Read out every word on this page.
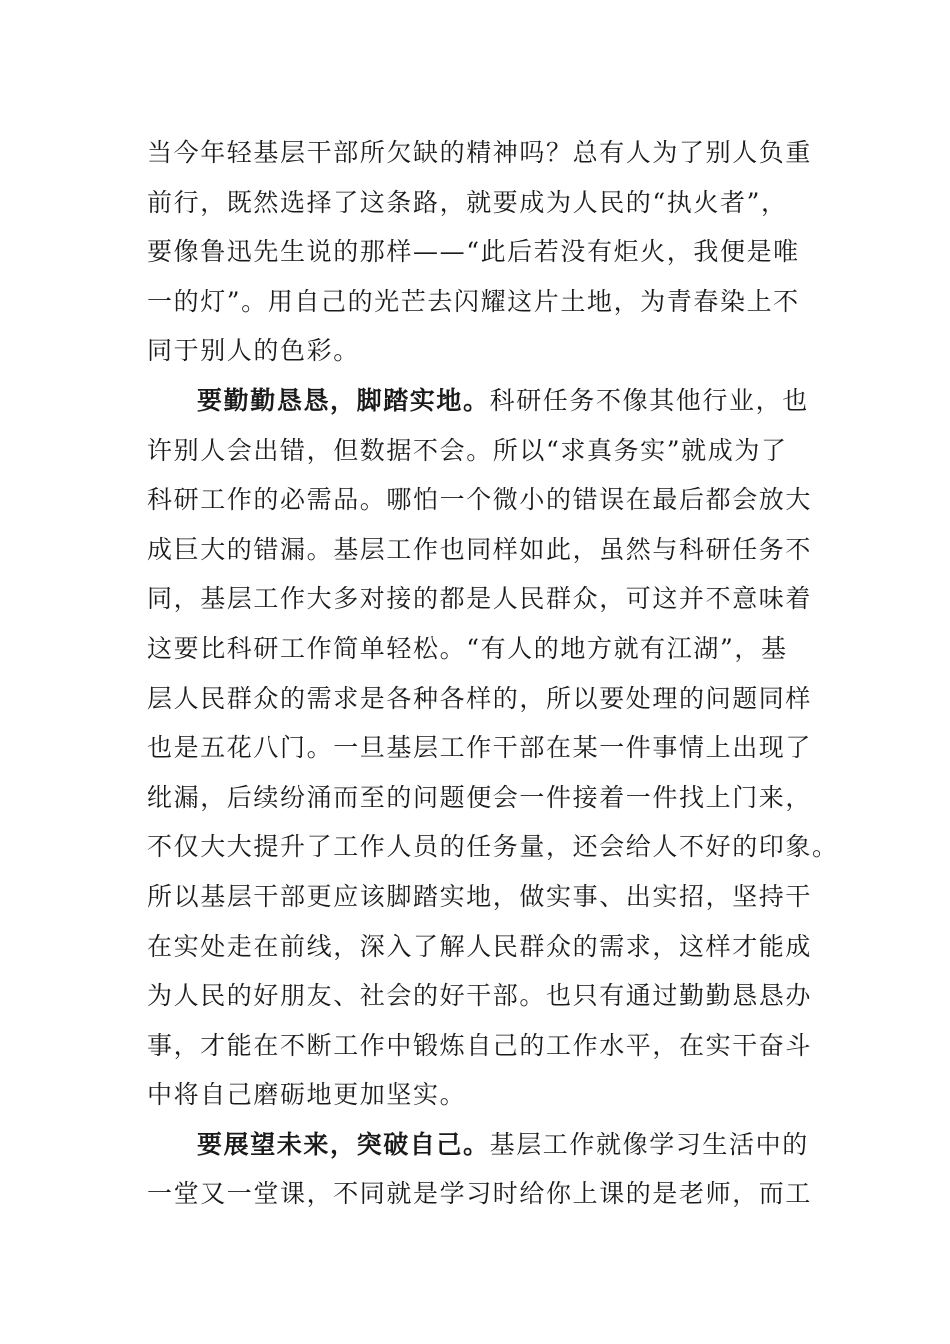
当今年轻基层干部所欠缺的精神吗？总有人为了别人负重
前行，既然选择了这条路，就要成为人民的“执火者”，
要像鲁迅先生说的那样——“此后若没有炬火，我便是唯
一的灯”。用自己的光芒去闪耀这片土地，为青春染上不
同于别人的色彩。
要勤勤恳恳，脚踏实地。科研任务不像其他行业，也
许别人会出错，但数据不会。所以“求真务实”就成为了
科研工作的必需品。哪怕一个微小的错误在最后都会放大
成巨大的错漏。基层工作也同样如此，虽然与科研任务不
同，基层工作大多对接的都是人民群众，可这并不意味着
这要比科研工作简单轻松。“有人的地方就有江湖”，基
层人民群众的需求是各种各样的，所以要处理的问题同样
也是五花八门。一旦基层工作干部在某一件事情上出现了
纰漏，后续纷涌而至的问题便会一件接着一件找上门来，
不仅大大提升了工作人员的任务量，还会给人不好的印象。
所以基层干部更应该脚踏实地，做实事、出实招，坚持干
在实处走在前线，深入了解人民群众的需求，这样才能成
为人民的好朋友、社会的好干部。也只有通过勤勤恳恳办
事，才能在不断工作中锻炼自己的工作水平，在实干奋斗
中将自己磨砺地更加坚实。
要展望未来，突破自己。基层工作就像学习生活中的
一堂又一堂课，不同就是学习时给你上课的是老师，而工
